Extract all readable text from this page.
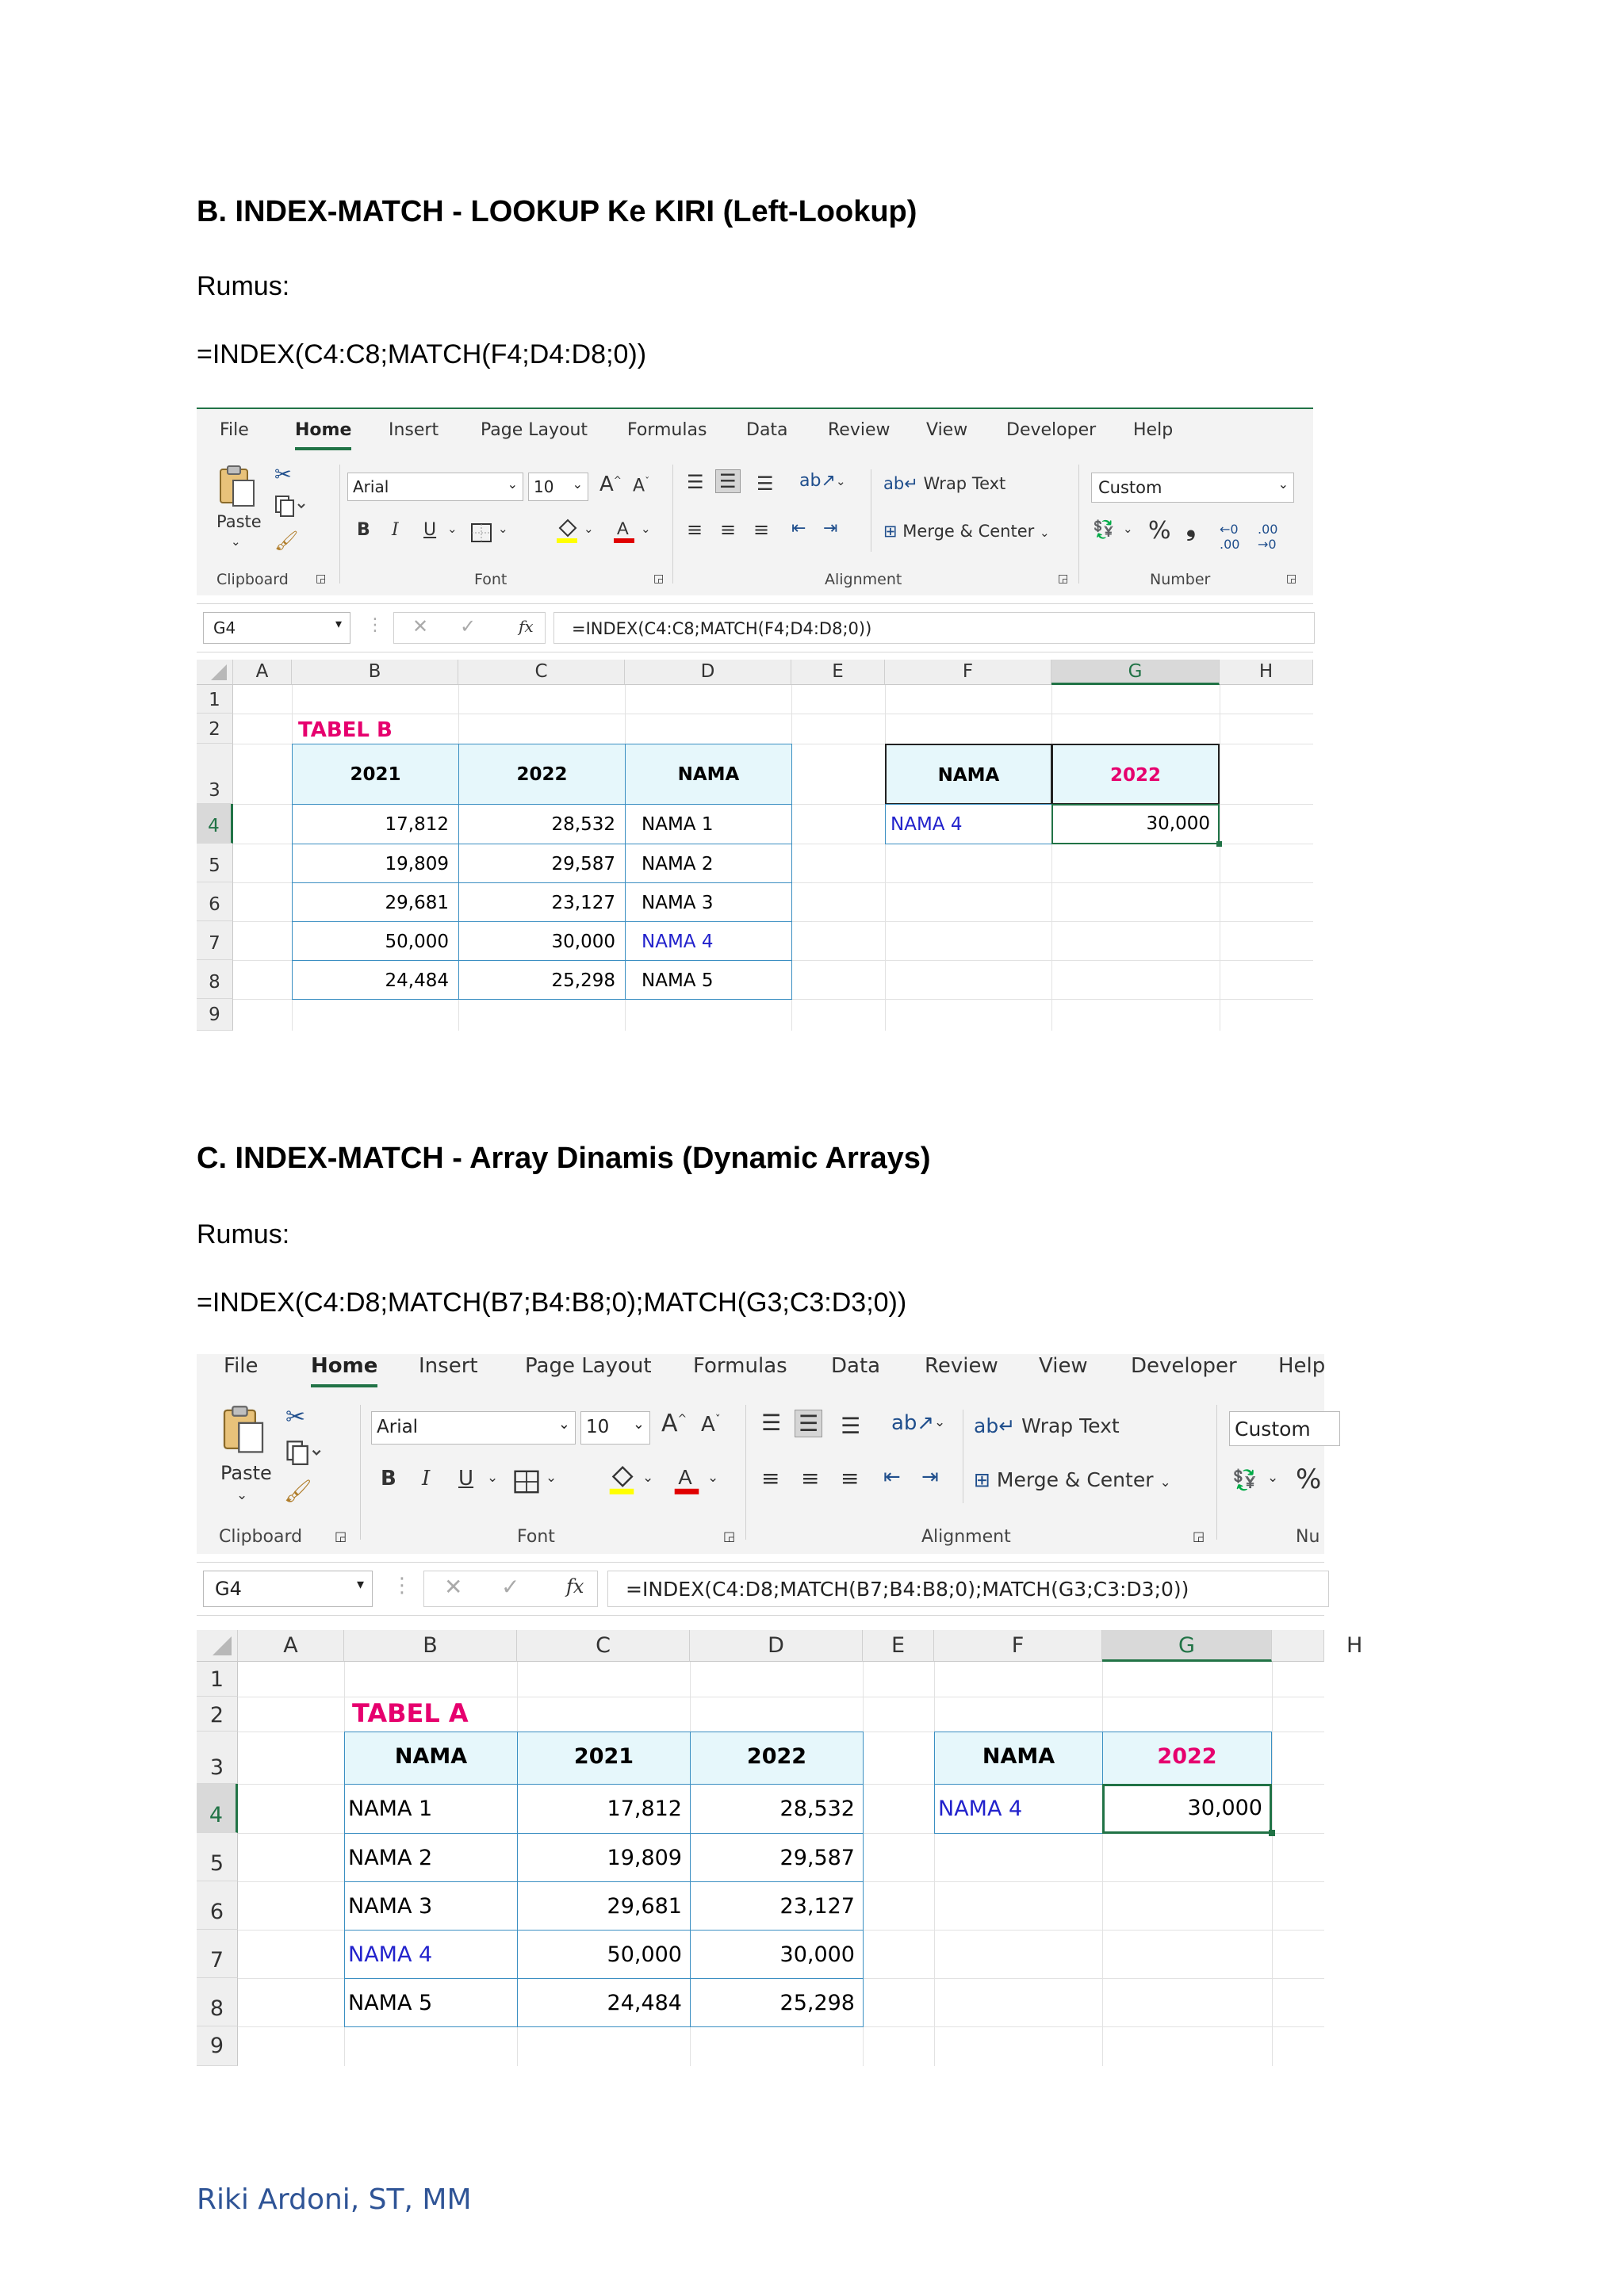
B. INDEX-MATCH - LOOKUP Ke KIRI (Left-Lookup)
Rumus:
=INDEX(C4:C8;MATCH(F4;D4:D8;0))
File	Home Insert Page Layout Formulas Data Review View Developer Help
Paste
⌄
✂
🖌
Clipboard ◲
Arial	⌄	10 ⌄ A^ $A^ˇ$
B I U ⌄	⌄	⌄ A ⌄
Font	◲
☰ ☰ ☰ ab↗ ⌄
≡ ≡ ≡ ⇤ ⇥
ab↵ Wrap Text
⊞ Merge & Center ⌄
Alignment	◲
Custom	⌄
💱 ⌄ % ❟ ←0
.00
.00
→0
Number	◲
G4	▾ ⋮ ✕ ✓	fx	=INDEX(C4:C8;MATCH(F4;D4:D8;0))
A	B	C	D	E	F	G	H
1
2
3
4
5
6
7
8
9
TABEL B
2021	2022	NAMA
17,812	28,532	NAMA 1
19,809	29,587	NAMA 2
29,681	23,127	NAMA 3
50,000	30,000	NAMA 4
24,484	25,298	NAMA 5
NAMA	2022
NAMA 4	30,000
C. INDEX-MATCH - Array Dinamis (Dynamic Arrays)
Rumus:
=INDEX(C4:D8;MATCH(B7;B4:B8;0);MATCH(G3;C3:D3;0))
File	Home Insert Page Layout Formulas Data Review View Developer Help
Paste
⌄
✂
🖌
Clipboard	◲
Arial	⌄ 10 ⌄ A^ $A^ˇ$
B I U ⌄	⌄	⌄ A ⌄
Font	◲
☰ ☰ ☰ ab↗ ⌄
≡ ≡ ≡ ⇤ ⇥
ab↵ Wrap Text
⊞ Merge & Center ⌄
Alignment	◲
Custom
💱 ⌄ %
Nu
G4	▾ ⋮ ✕ ✓ fx	=INDEX(C4:D8;MATCH(B7;B4:B8;0);MATCH(G3;C3:D3;0))
A	B	C	D	E	F	G	H
1
2
3
4
5
6
7
8
9
TABEL A
NAMA	2021	2022
NAMA 1	17,812	28,532
NAMA 2	19,809	29,587
NAMA 3	29,681	23,127
NAMA 4	50,000	30,000
NAMA 5	24,484	25,298
NAMA	2022
NAMA 4	30,000
Riki Ardoni, ST, MM
